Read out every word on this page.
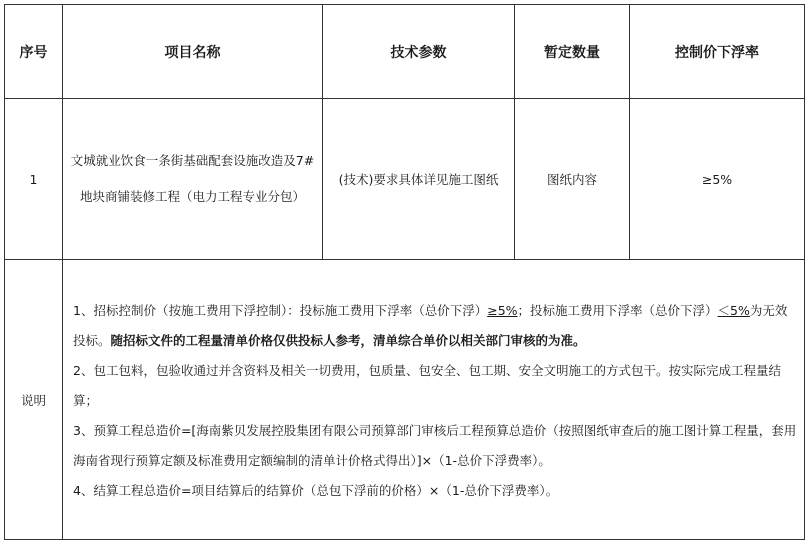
序号	项目名称	技术参数	暂定数量	控制价下浮率
1	文城就业饮食一条街基础配套设施改造及7#地块商铺装修工程（电力工程专业分包）	(技术)要求具体详见施工图纸	图纸内容	≥5%
说明	1、招标控制价（按施工费用下浮控制）：投标施工费用下浮率（总价下浮）≥5%；投标施工费用下浮率（总价下浮）＜5%为无效投标。随招标文件的工程量清单价格仅供投标人参考，清单综合单价以相关部门审核的为准。

2、包工包料，包验收通过并含资料及相关一切费用，包质量、包安全、包工期、安全文明施工的方式包干。按实际完成工程量结算；

3、预算工程总造价=[海南紫贝发展控股集团有限公司预算部门审核后工程预算总造价（按照图纸审查后的施工图计算工程量，套用海南省现行预算定额及标准费用定额编制的清单计价格式得出）]×（1-总价下浮费率）。

4、结算工程总造价=项目结算后的结算价（总包下浮前的价格）×（1-总价下浮费率）。			
